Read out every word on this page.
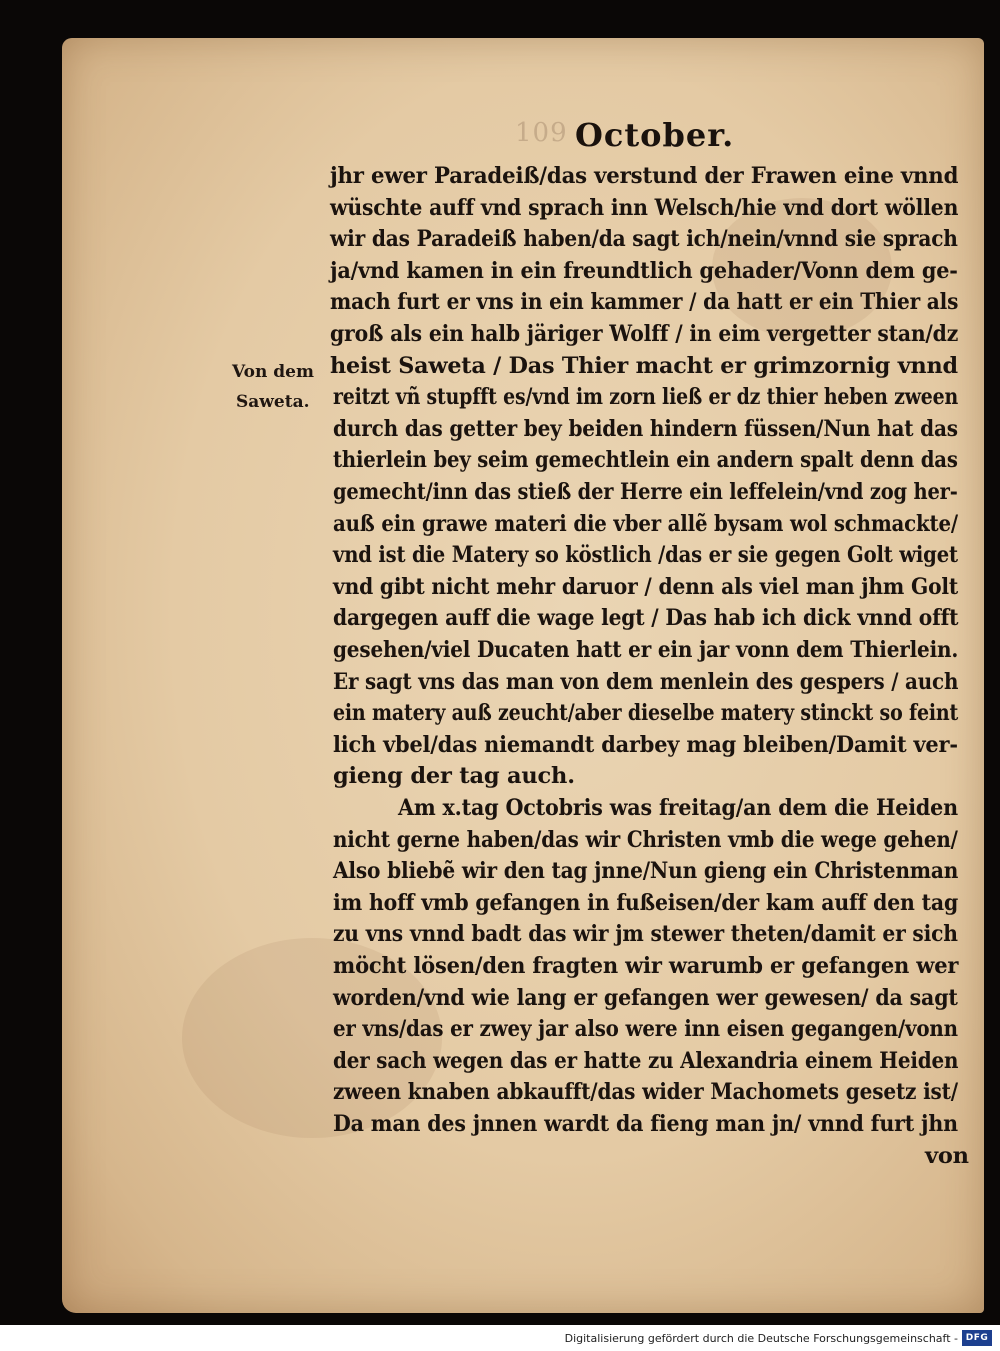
109 October.
Von dem
Saweta.
jhr ewer Paradeiß/das verstund der Frawen eine vnnd
wüschte auff vnd sprach inn Welsch/hie vnd dort wöllen
wir das Paradeiß haben/da sagt ich/nein/vnnd sie sprach
ja/vnd kamen in ein freundtlich gehader/Vonn dem ge-
mach furt er vns in ein kammer / da hatt er ein Thier als
groß als ein halb järiger Wolff / in eim vergetter stan/dz
heist Saweta / Das Thier macht er grimzornig vnnd
reitzt vñ stupfft es/vnd im zorn ließ er dz thier heben zween
durch das getter bey beiden hindern füssen/Nun hat das
thierlein bey seim gemechtlein ein andern spalt denn das
gemecht/inn das stieß der Herre ein leffelein/vnd zog her-
auß ein grawe materi die vber allẽ bysam wol schmackte/
vnd ist die Matery so köstlich /das er sie gegen Golt wiget
vnd gibt nicht mehr daruor / denn als viel man jhm Golt
dargegen auff die wage legt / Das hab ich dick vnnd offt
gesehen/viel Ducaten hatt er ein jar vonn dem Thierlein.
Er sagt vns das man von dem menlein des gespers / auch
ein matery auß zeucht/aber dieselbe matery stinckt so feint
lich vbel/das niemandt darbey mag bleiben/Damit ver-
gieng der tag auch.
Am x.tag Octobris was freitag/an dem die Heiden
nicht gerne haben/das wir Christen vmb die wege gehen/
Also bliebẽ wir den tag jnne/Nun gieng ein Christenman
im hoff vmb gefangen in fußeisen/der kam auff den tag
zu vns vnnd badt das wir jm stewer theten/damit er sich
möcht lösen/den fragten wir warumb er gefangen wer
worden/vnd wie lang er gefangen wer gewesen/ da sagt
er vns/das er zwey jar also were inn eisen gegangen/vonn
der sach wegen das er hatte zu Alexandria einem Heiden
zween knaben abkaufft/das wider Machomets gesetz ist/
Da man des jnnen wardt da fieng man jn/ vnnd furt jhn
von
Digitalisierung gefördert durch die Deutsche Forschungsgemeinschaft - DFG
